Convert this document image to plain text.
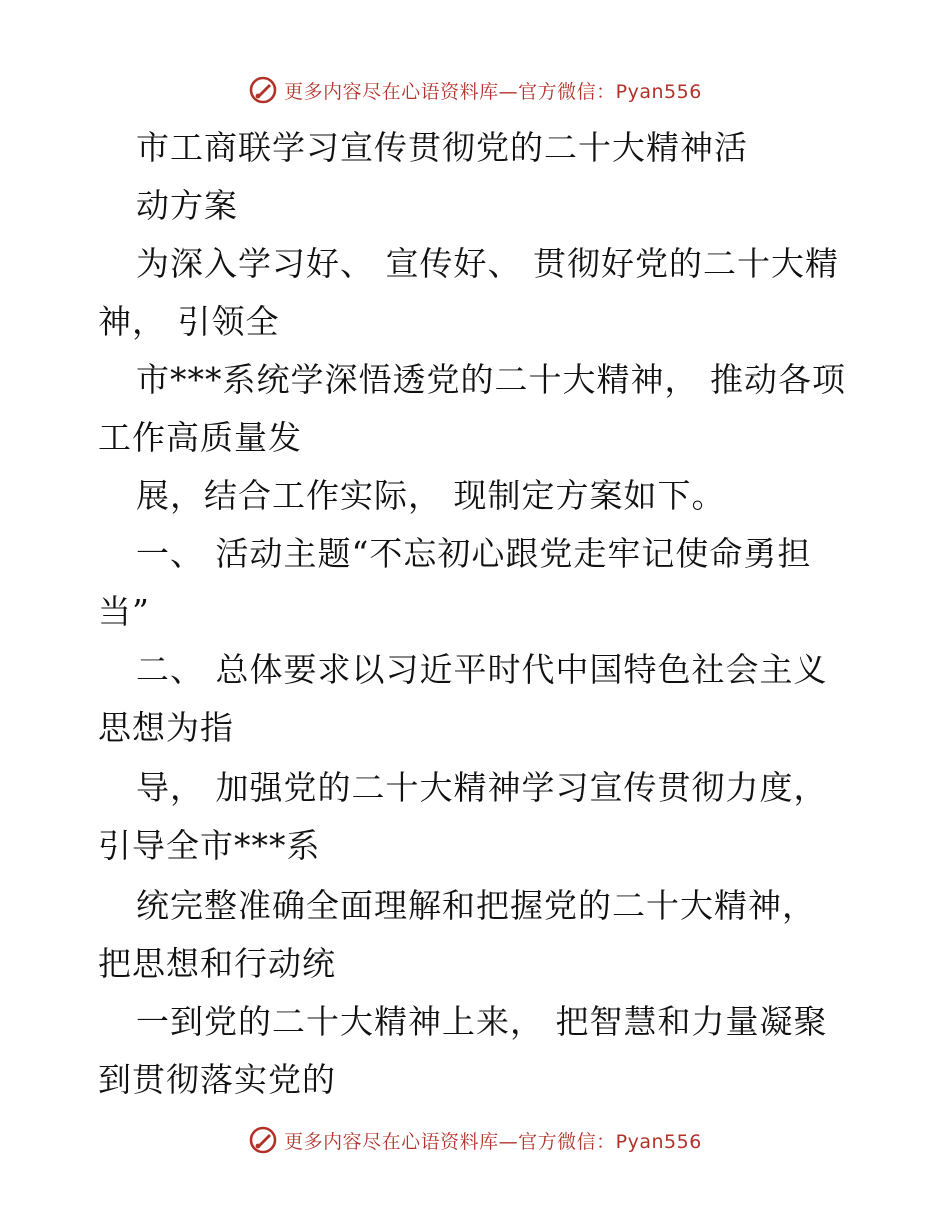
更多内容尽在心语资料库—官方微信：Pyan556
市工商联学习宣传贯彻党的二十大精神活
动方案
为深入学习好、 宣传好、 贯彻好党的二十大精
神， 引领全
市***系统学深悟透党的二十大精神， 推动各项
工作高质量发
展，结合工作实际， 现制定方案如下。
一、 活动主题“不忘初心跟党走牢记使命勇担
当”
二、 总体要求以习近平时代中国特色社会主义
思想为指
导， 加强党的二十大精神学习宣传贯彻力度，
引导全市***系
统完整准确全面理解和把握党的二十大精神，
把思想和行动统
一到党的二十大精神上来， 把智慧和力量凝聚
到贯彻落实党的
更多内容尽在心语资料库—官方微信：Pyan556
